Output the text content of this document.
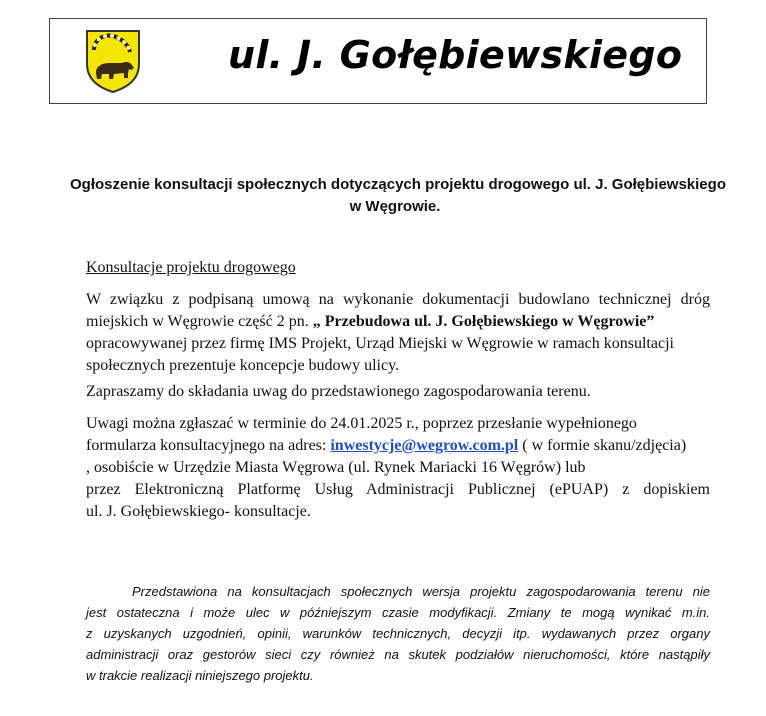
ul. J. Gołębiewskiego
Ogłoszenie konsultacji społecznych dotyczących projektu drogowego ul. J. Gołębiewskiego
w Węgrowie.
Konsultacje projektu drogowego
W związku z podpisaną umową na wykonanie dokumentacji budowlano technicznej dróg
miejskich w Węgrowie część 2 pn. „ Przebudowa ul. J. Gołębiewskiego w Węgrowie”
opracowywanej przez firmę IMS Projekt, Urząd Miejski w Węgrowie w ramach konsultacji
społecznych prezentuje koncepcje budowy ulicy.
Zapraszamy do składania uwag do przedstawionego zagospodarowania terenu.
Uwagi można zgłaszać w terminie do 24.01.2025 r., poprzez przesłanie wypełnionego
formularza konsultacyjnego na adres: inwestycje@wegrow.com.pl ( w formie skanu/zdjęcia)
, osobiście w Urzędzie Miasta Węgrowa (ul. Rynek Mariacki 16 Węgrów) lub
przez Elektroniczną Platformę Usług Administracji Publicznej (ePUAP) z dopiskiem
ul. J. Gołębiewskiego- konsultacje.
Przedstawiona na konsultacjach społecznych wersja projektu zagospodarowania terenu nie
jest ostateczna i może ulec w późniejszym czasie modyfikacji. Zmiany te mogą wynikać m.in.
z uzyskanych uzgodnień, opinii, warunków technicznych, decyzji itp. wydawanych przez organy
administracji oraz gestorów sieci czy również na skutek podziałów nieruchomości, które nastąpiły
w trakcie realizacji niniejszego projektu.
